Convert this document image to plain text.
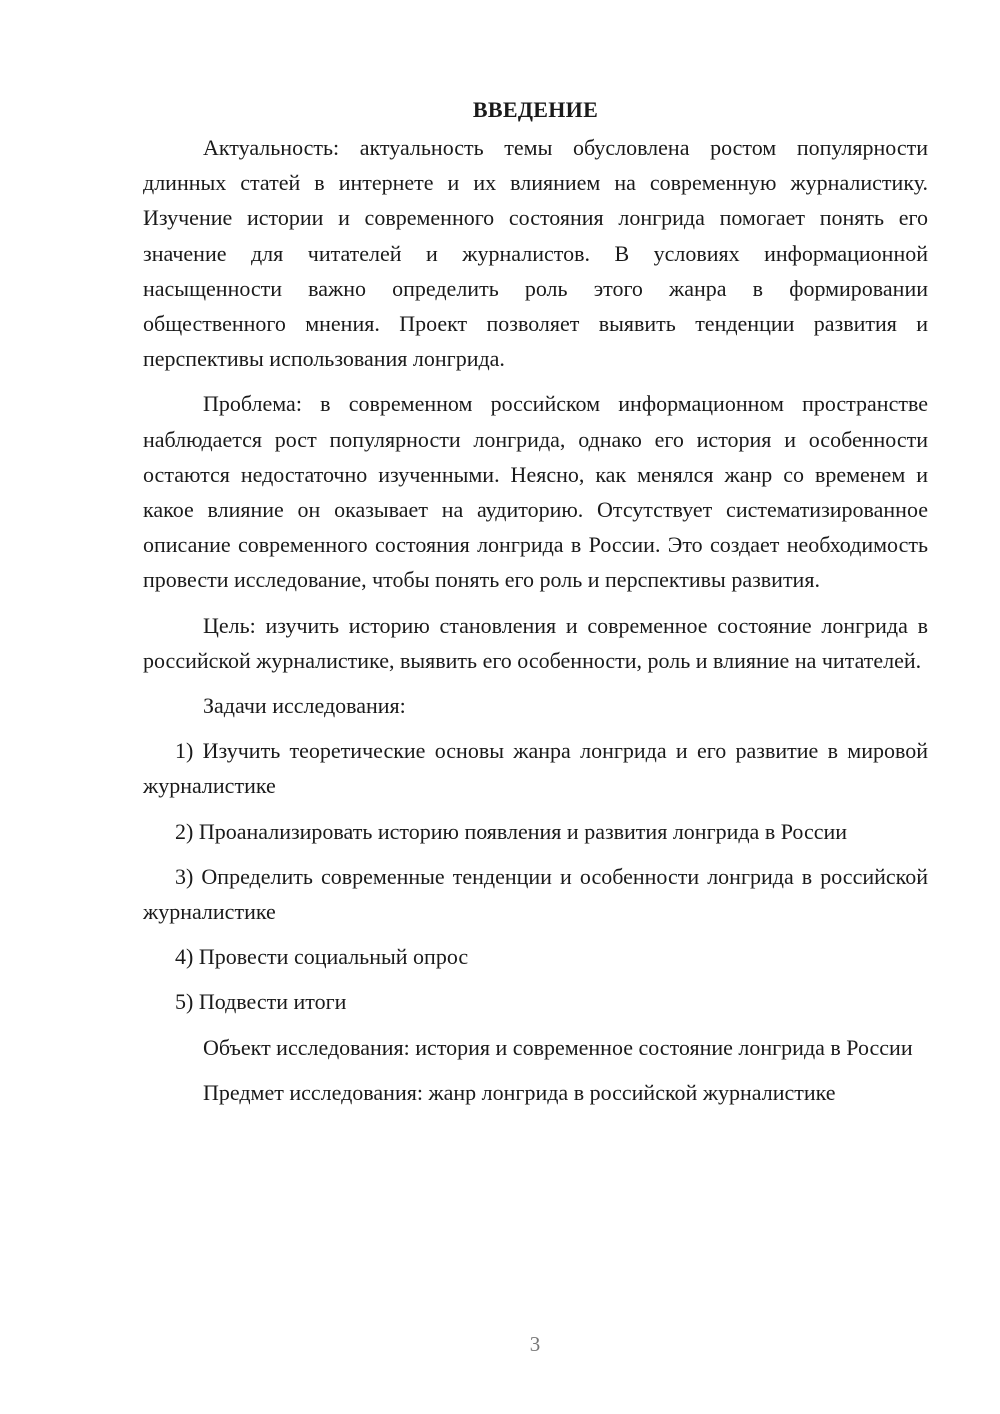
ВВЕДЕНИЕ

Актуальность: актуальность темы обусловлена ростом популярности длинных статей в интернете и их влиянием на современную журналистику. Изучение истории и современного состояния лонгрида помогает понять его значение для читателей и журналистов. В условиях информационной насыщенности важно определить роль этого жанра в формировании общественного мнения. Проект позволяет выявить тенденции развития и перспективы использования лонгрида.

Проблема: в современном российском информационном пространстве наблюдается рост популярности лонгрида, однако его история и особенности остаются недостаточно изученными. Неясно, как менялся жанр со временем и какое влияние он оказывает на аудиторию. Отсутствует систематизированное описание современного состояния лонгрида в России. Это создает необходимость провести исследование, чтобы понять его роль и перспективы развития.

Цель: изучить историю становления и современное состояние лонгрида в российской журналистике, выявить его особенности, роль и влияние на читателей.

Задачи исследования:

1) Изучить теоретические основы жанра лонгрида и его развитие в мировой журналистике

2) Проанализировать историю появления и развития лонгрида в России

3) Определить современные тенденции и особенности лонгрида в российской журналистике

4) Провести социальный опрос

5) Подвести итоги

Объект исследования: история и современное состояние лонгрида в России

Предмет исследования: жанр лонгрида в российской журналистике

3
